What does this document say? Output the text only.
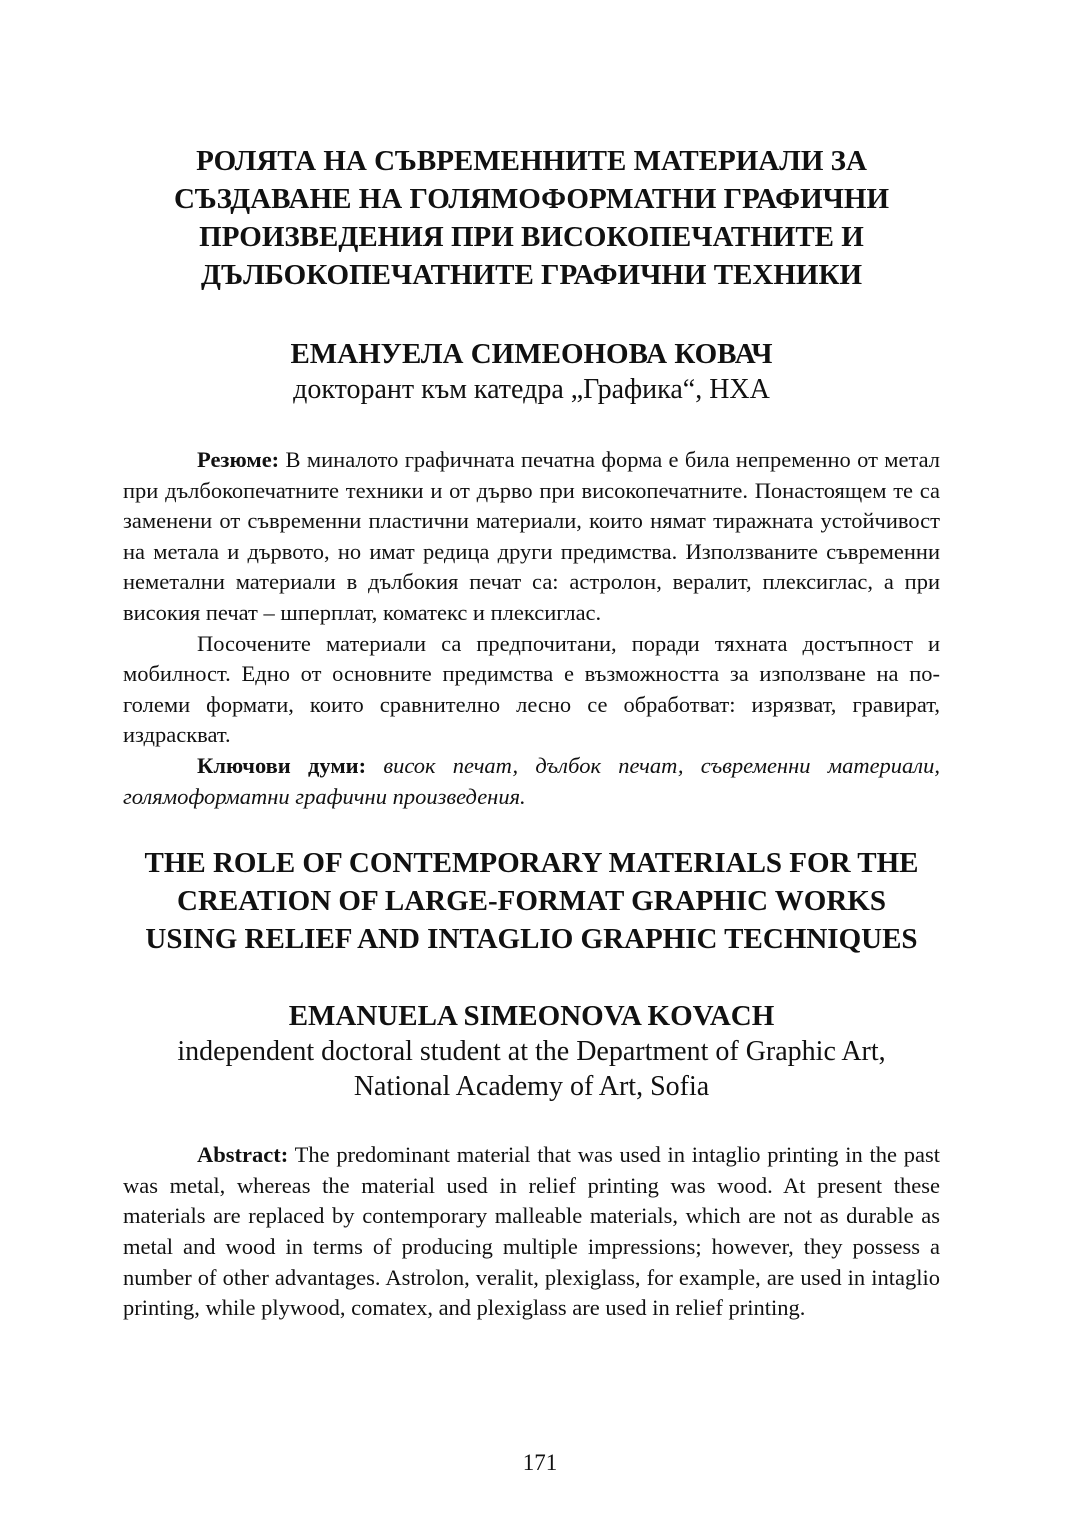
РОЛЯТА НА СЪВРЕМЕННИТЕ МАТЕРИАЛИ ЗА
СЪЗДАВАНЕ НА ГОЛЯМОФОРМАТНИ ГРАФИЧНИ
ПРОИЗВЕДЕНИЯ ПРИ ВИСОКОПЕЧАТНИТЕ И
ДЪЛБОКОПЕЧАТНИТЕ ГРАФИЧНИ ТЕХНИКИ

ЕМАНУЕЛА СИМЕОНОВА КОВАЧ

докторант към катедра „Графика“, НХА

Резюме: В миналото графичната печатна форма е била непременно от метал при дълбокопечатните техники и от дърво при високопечатните. Понастоящем те са заменени от съвременни пластични материали, които нямат тиражната устойчивост на метала и дървото, но имат редица други предимства. Използваните съвременни неметални материали в дълбокия печат са: астролон, вералит, плексиглас, а при високия печат – шперплат, коматекс и плексиглас.

Посочените материали са предпочитани, поради тяхната достъпност и мобилност. Едно от основните предимства е възможността за използване на по-големи формати, които сравнително лесно се обработват: изрязват, гравират, издраскват.

Ключови думи: висок печат, дълбок печат, съвременни материали, голямоформатни графични произведения.

THE ROLE OF CONTEMPORARY MATERIALS FOR THE
CREATION OF LARGE-FORMAT GRAPHIC WORKS
USING RELIEF AND INTAGLIO GRAPHIC TECHNIQUES

EMANUELA SIMEONOVA KOVACH

independent doctoral student at the Department of Graphic Art,
National Academy of Art, Sofia

Abstract: The predominant material that was used in intaglio printing in the past was metal, whereas the material used in relief printing was wood. At present these materials are replaced by contemporary malleable materials, which are not as durable as metal and wood in terms of producing multiple impressions; however, they possess a number of other advantages. Astrolon, veralit, plexiglass, for example, are used in intaglio printing, while plywood, comatex, and plexiglass are used in relief printing.

171
